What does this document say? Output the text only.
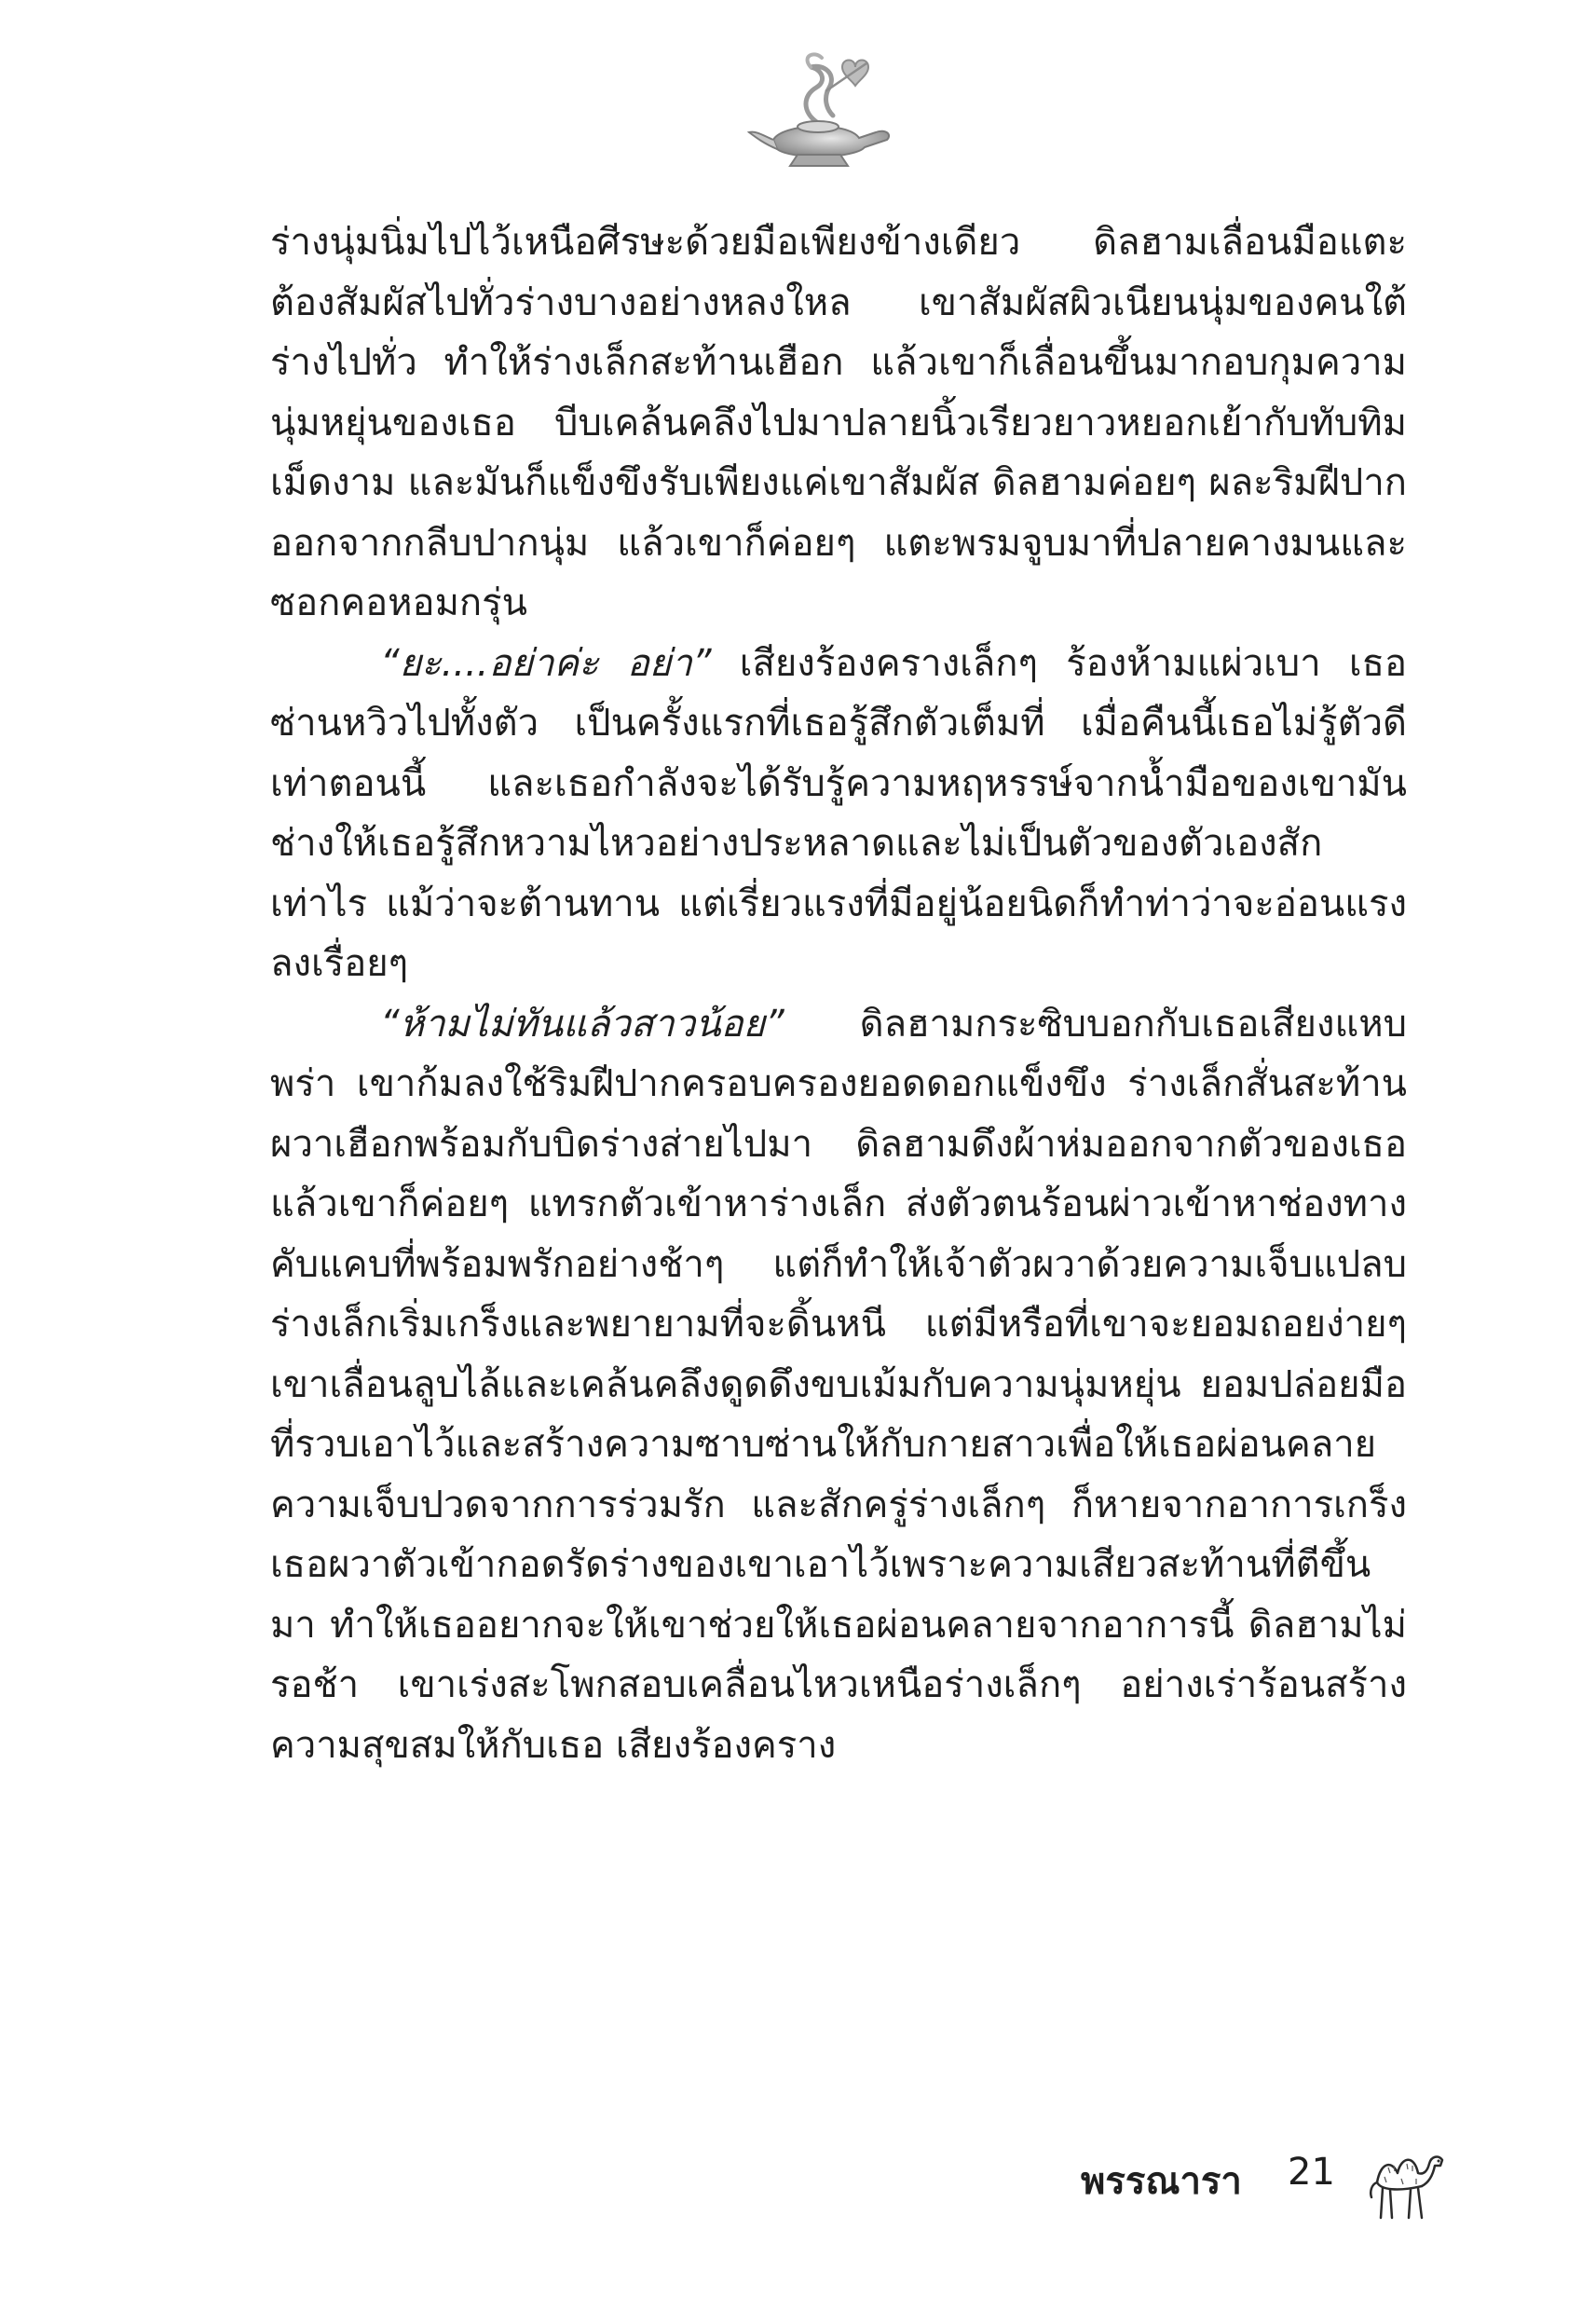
ร่างนุ่มนิ่มไปไว้เหนือศีรษะด้วยมือเพียงข้างเดียว ดิลฮามเลื่อนมือแตะต้องสัมผัสไปทั่วร่างบางอย่างหลงใหล เขาสัมผัสผิวเนียนนุ่มของคนใต้ร่างไปทั่ว ทำให้ร่างเล็กสะท้านเฮือก แล้วเขาก็เลื่อนขึ้นมากอบกุมความนุ่มหยุ่นของเธอ บีบเคล้นคลึงไปมาปลายนิ้วเรียวยาวหยอกเย้ากับทับทิมเม็ดงาม และมันก็แข็งขึงรับเพียงแค่เขาสัมผัส ดิลฮามค่อยๆ ผละริมฝีปากออกจากกลีบปากนุ่ม แล้วเขาก็ค่อยๆ แตะพรมจูบมาที่ปลายคางมนและซอกคอหอมกรุ่น

“ยะ....อย่าค่ะ อย่า” เสียงร้องครางเล็กๆ ร้องห้ามแผ่วเบา เธอซ่านหวิวไปทั้งตัว เป็นครั้งแรกที่เธอรู้สึกตัวเต็มที่ เมื่อคืนนี้เธอไม่รู้ตัวดีเท่าตอนนี้ และเธอกำลังจะได้รับรู้ความหฤหรรษ์จากน้ำมือของเขามันช่างให้เธอรู้สึกหวามไหวอย่างประหลาดและไม่เป็นตัวของตัวเองสักเท่าไร แม้ว่าจะต้านทาน แต่เรี่ยวแรงที่มีอยู่น้อยนิดก็ทำท่าว่าจะอ่อนแรงลงเรื่อยๆ

“ห้ามไม่ทันแล้วสาวน้อย” ดิลฮามกระซิบบอกกับเธอเสียงแหบพร่า เขาก้มลงใช้ริมฝีปากครอบครองยอดดอกแข็งขึง ร่างเล็กสั่นสะท้านผวาเฮือกพร้อมกับบิดร่างส่ายไปมา ดิลฮามดึงผ้าห่มออกจากตัวของเธอแล้วเขาก็ค่อยๆ แทรกตัวเข้าหาร่างเล็ก ส่งตัวตนร้อนผ่าวเข้าหาช่องทางคับแคบที่พร้อมพรักอย่างช้าๆ แต่ก็ทำให้เจ้าตัวผวาด้วยความเจ็บแปลบ ร่างเล็กเริ่มเกร็งและพยายามที่จะดิ้นหนี แต่มีหรือที่เขาจะยอมถอยง่ายๆ เขาเลื่อนลูบไล้และเคล้นคลึงดูดดึงขบเม้มกับความนุ่มหยุ่น ยอมปล่อยมือที่รวบเอาไว้และสร้างความซาบซ่านให้กับกายสาวเพื่อให้เธอผ่อนคลายความเจ็บปวดจากการร่วมรัก และสักครู่ร่างเล็กๆ ก็หายจากอาการเกร็ง เธอผวาตัวเข้ากอดรัดร่างของเขาเอาไว้เพราะความเสียวสะท้านที่ตีขึ้นมา ทำให้เธออยากจะให้เขาช่วยให้เธอผ่อนคลายจากอาการนี้ ดิลฮามไม่รอช้า เขาเร่งสะโพกสอบเคลื่อนไหวเหนือร่างเล็กๆ อย่างเร่าร้อนสร้างความสุขสมให้กับเธอ เสียงร้องคราง

พรรณารา 21
